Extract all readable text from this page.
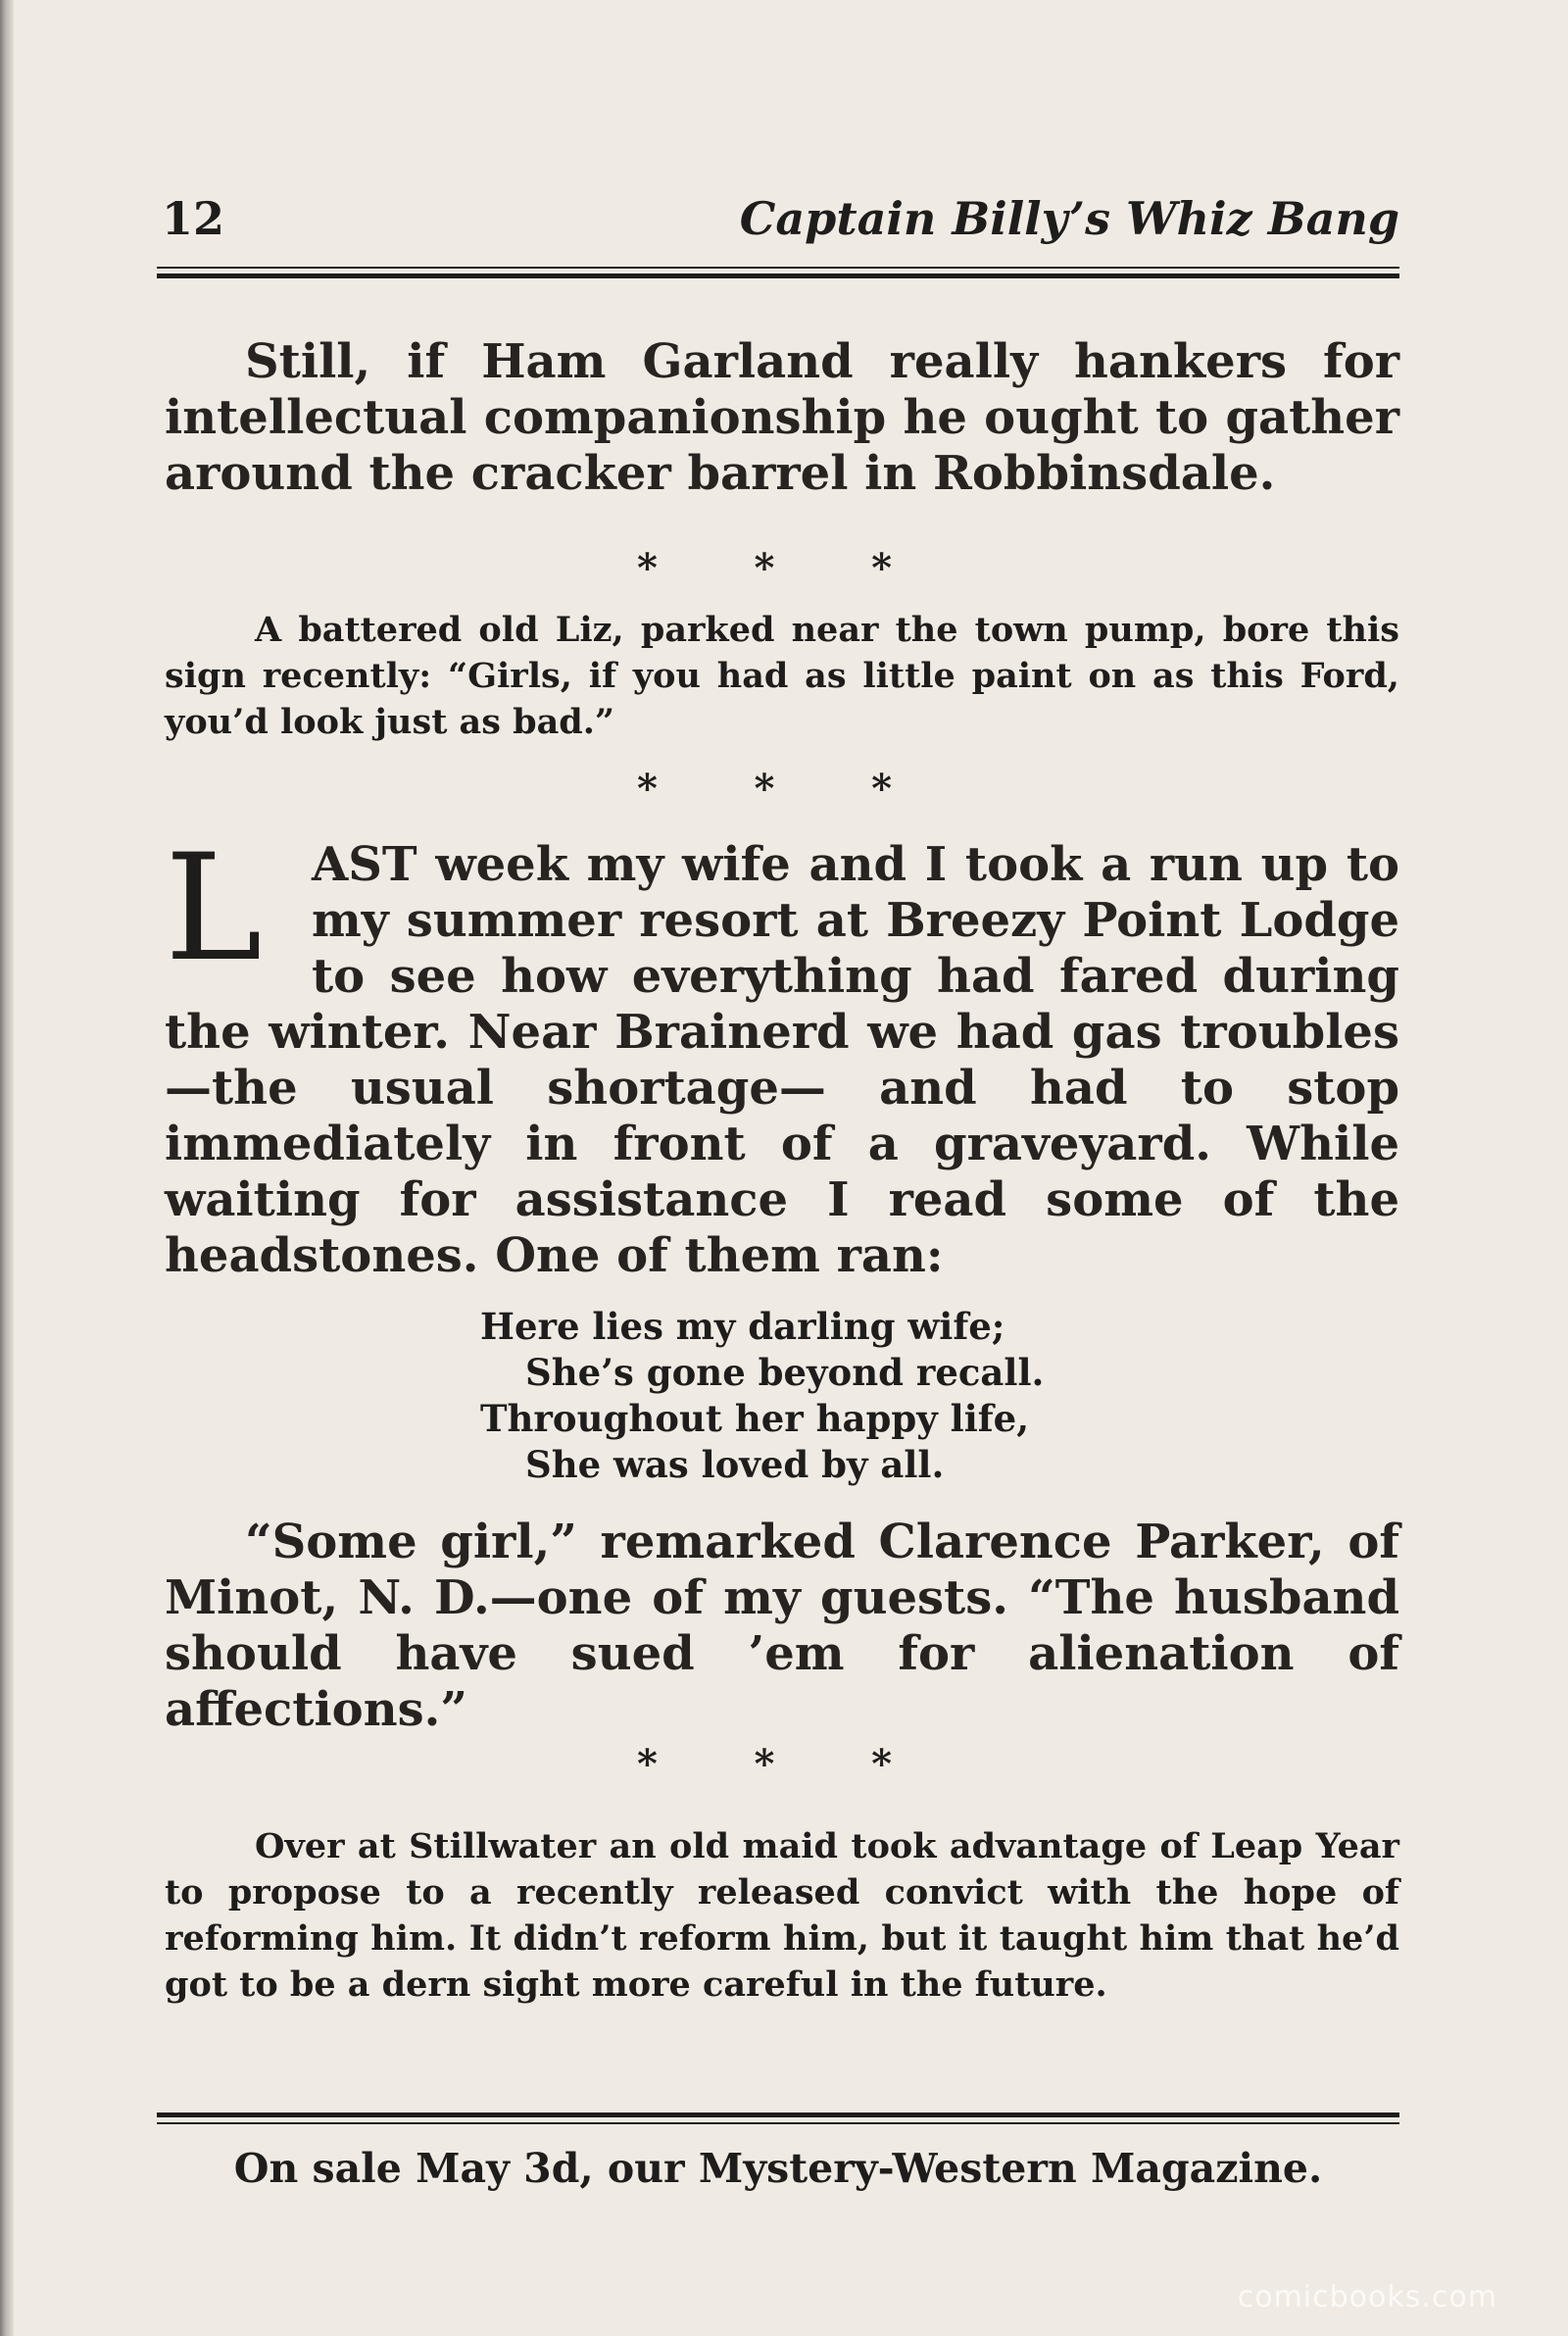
12	Captain Billy’s Whiz Bang

Still, if Ham Garland really hankers for intellectual companionship he ought to gather around the cracker barrel in Robbinsdale.

* * *

A battered old Liz, parked near the town pump, bore this sign recently: “Girls, if you had as little paint on as this Ford, you’d look just as bad.”

* * *
L	AST week my wife and I took a run up to my summer resort at Breezy Point Lodge to see how everything had fared during the winter. Near Brainerd we had gas troubles —the usual shortage— and had to stop immediately in front of a graveyard. While waiting for assistance I read some of the headstones. One of them ran:
Here lies my darling wife;
She’s gone beyond recall.
Throughout her happy life,
She was loved by all.

“Some girl,” remarked Clarence Parker, of Minot, N. D.—one of my guests. “The husband should have sued ’em for alienation of affections.”

* * *

Over at Stillwater an old maid took advantage of Leap Year to propose to a recently released convict with the hope of reforming him. It didn’t reform him, but it taught him that he’d got to be a dern sight more careful in the future.

On sale May 3d, our Mystery-Western Magazine.
comicbooks.com
